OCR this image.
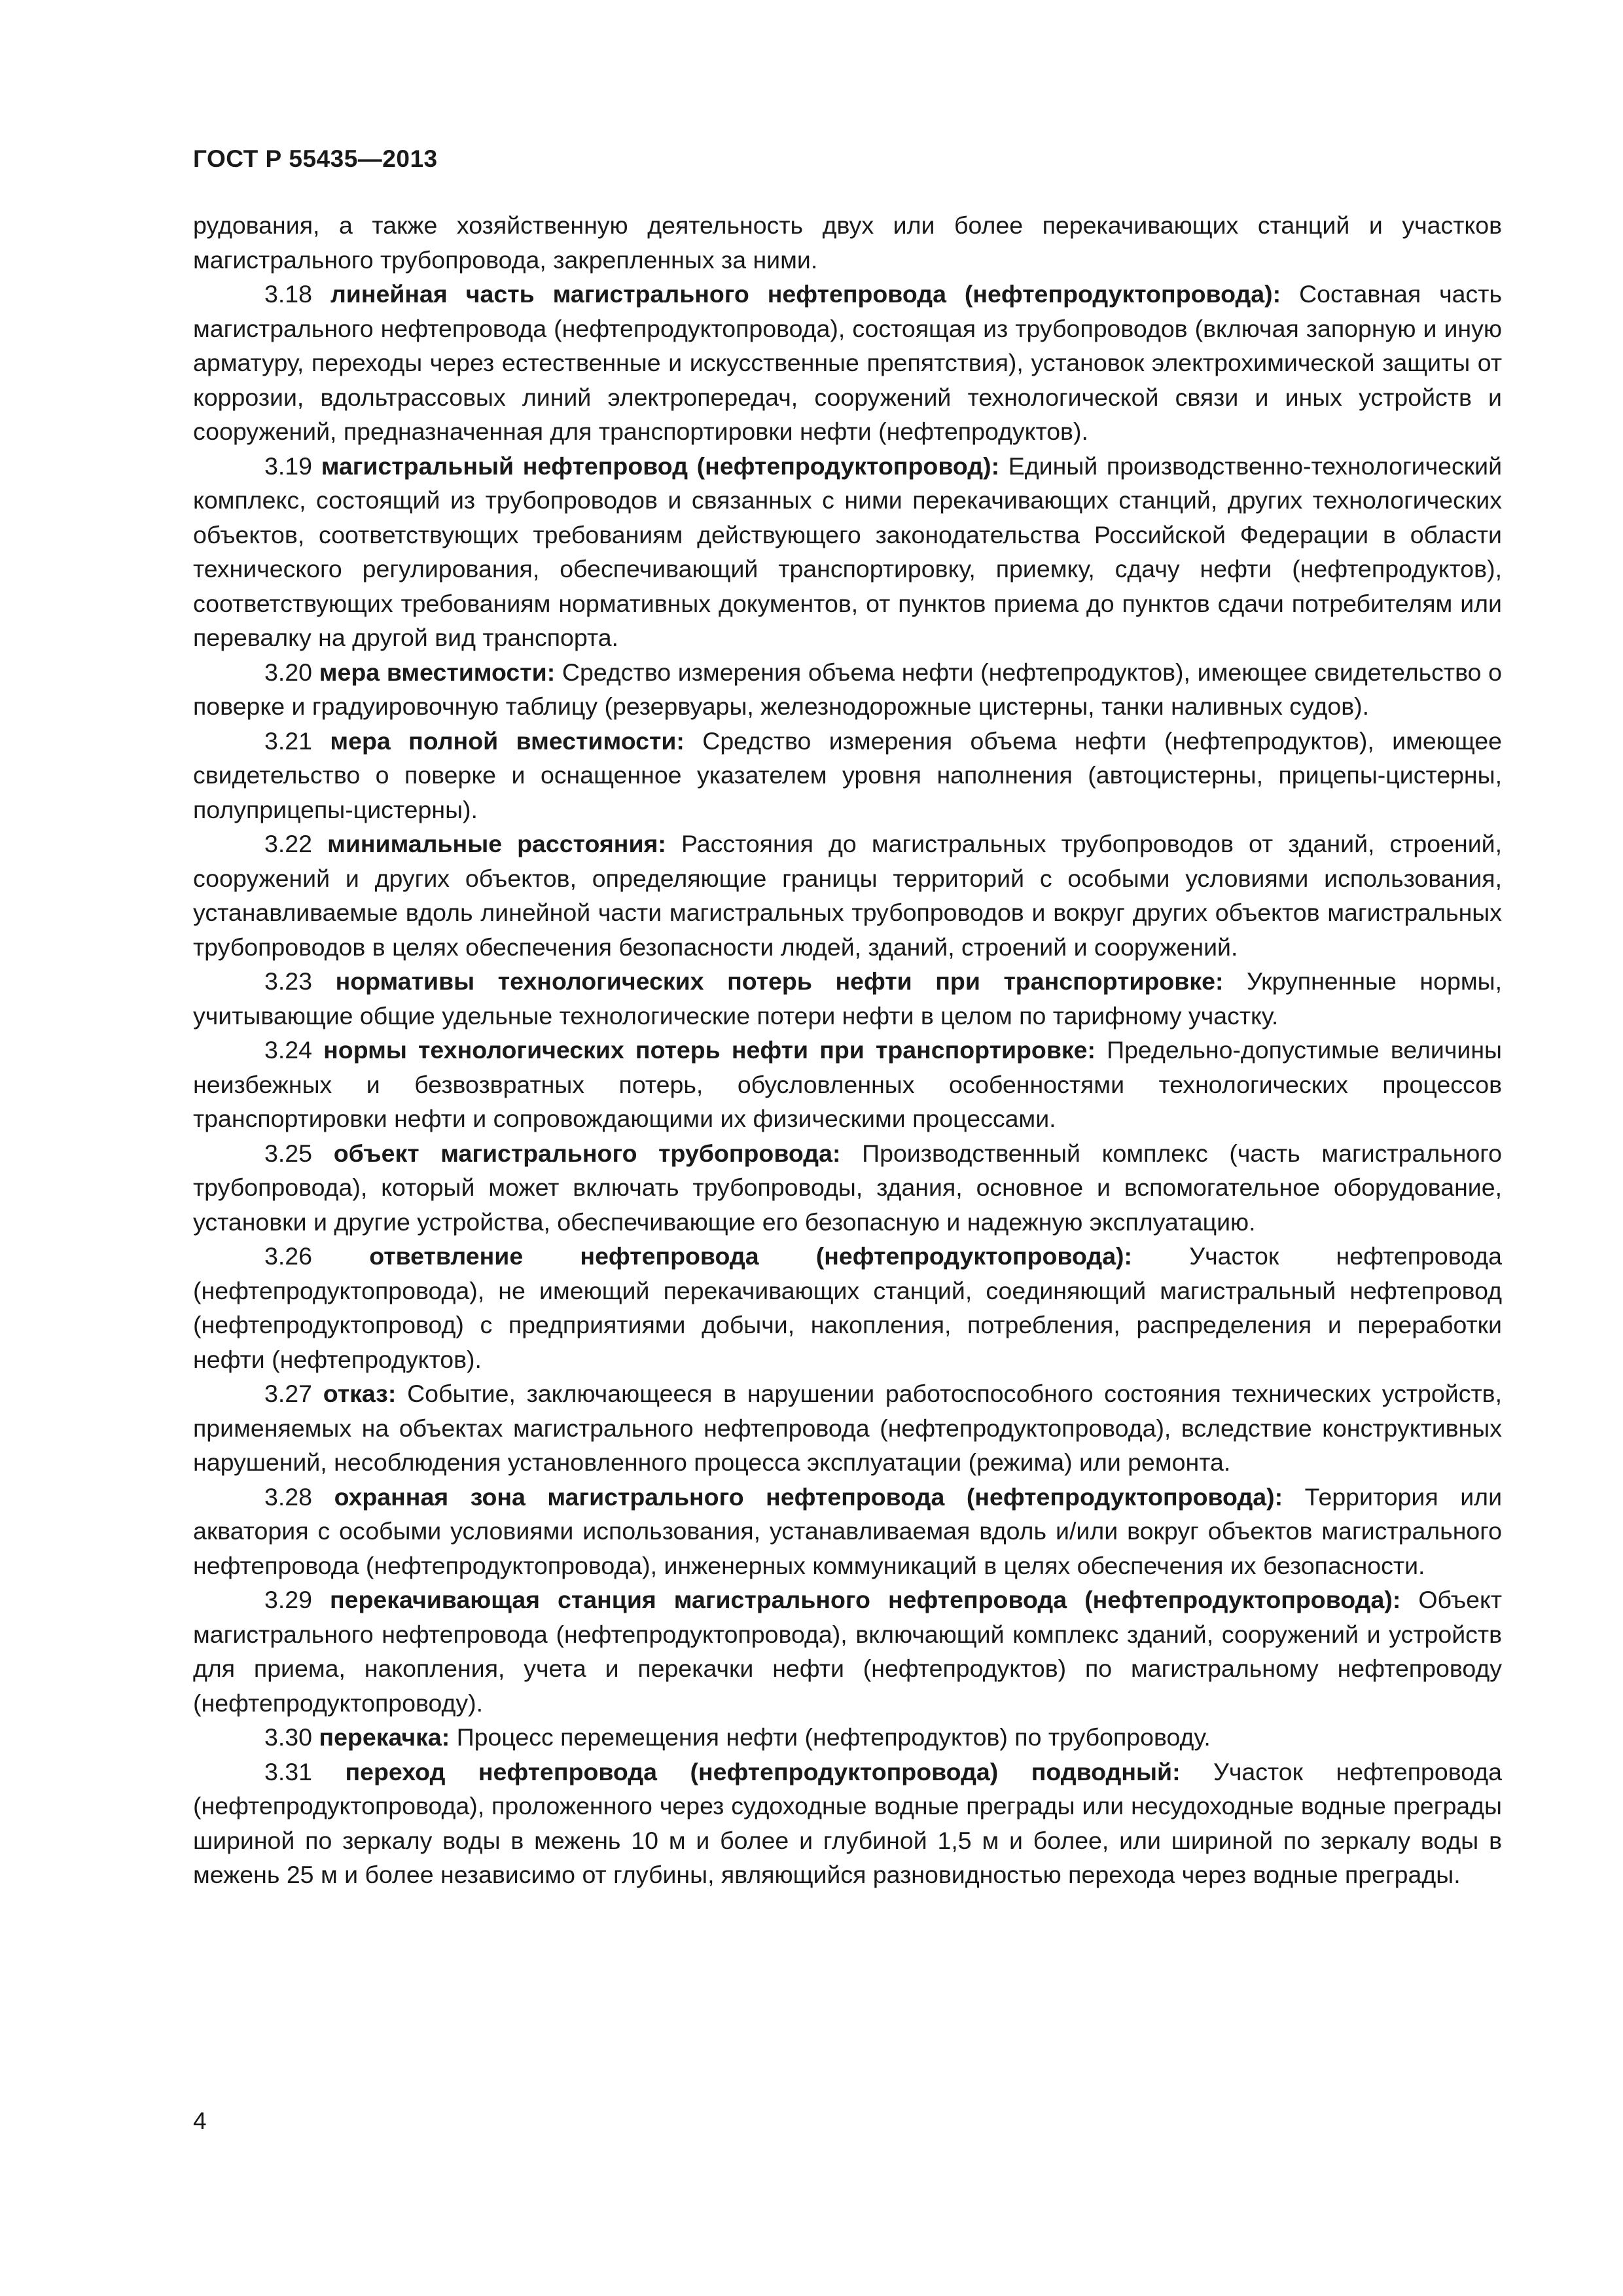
ГОСТ Р 55435—2013

рудования, а также хозяйственную деятельность двух или более перекачивающих станций и участков магистрального трубопровода, закрепленных за ними.

3.18 линейная часть магистрального нефтепровода (нефтепродуктопровода): Составная часть магистрального нефтепровода (нефтепродуктопровода), состоящая из трубопроводов (включая запорную и иную арматуру, переходы через естественные и искусственные препятствия), установок электрохимической защиты от коррозии, вдольтрассовых линий электропередач, сооружений технологической связи и иных устройств и сооружений, предназначенная для транспортировки нефти (нефтепродуктов).

3.19 магистральный нефтепровод (нефтепродуктопровод): Единый производственно-технологический комплекс, состоящий из трубопроводов и связанных с ними перекачивающих станций, других технологических объектов, соответствующих требованиям действующего законодательства Российской Федерации в области технического регулирования, обеспечивающий транспортировку, приемку, сдачу нефти (нефтепродуктов), соответствующих требованиям нормативных документов, от пунктов приема до пунктов сдачи потребителям или перевалку на другой вид транспорта.

3.20 мера вместимости: Средство измерения объема нефти (нефтепродуктов), имеющее свидетельство о поверке и градуировочную таблицу (резервуары, железнодорожные цистерны, танки наливных судов).

3.21 мера полной вместимости: Средство измерения объема нефти (нефтепродуктов), имеющее свидетельство о поверке и оснащенное указателем уровня наполнения (автоцистерны, прицепы-цистерны, полуприцепы-цистерны).

3.22 минимальные расстояния: Расстояния до магистральных трубопроводов от зданий, строений, сооружений и других объектов, определяющие границы территорий с особыми условиями использования, устанавливаемые вдоль линейной части магистральных трубопроводов и вокруг других объектов магистральных трубопроводов в целях обеспечения безопасности людей, зданий, строений и сооружений.

3.23 нормативы технологических потерь нефти при транспортировке: Укрупненные нормы, учитывающие общие удельные технологические потери нефти в целом по тарифному участку.

3.24 нормы технологических потерь нефти при транспортировке: Предельно-допустимые величины неизбежных и безвозвратных потерь, обусловленных особенностями технологических процессов транспортировки нефти и сопровождающими их физическими процессами.

3.25 объект магистрального трубопровода: Производственный комплекс (часть магистрального трубопровода), который может включать трубопроводы, здания, основное и вспомогательное оборудование, установки и другие устройства, обеспечивающие его безопасную и надежную эксплуатацию.

3.26 ответвление нефтепровода (нефтепродуктопровода): Участок нефтепровода (нефтепродуктопровода), не имеющий перекачивающих станций, соединяющий магистральный нефтепровод (нефтепродуктопровод) с предприятиями добычи, накопления, потребления, распределения и переработки нефти (нефтепродуктов).

3.27 отказ: Событие, заключающееся в нарушении работоспособного состояния технических устройств, применяемых на объектах магистрального нефтепровода (нефтепродуктопровода), вследствие конструктивных нарушений, несоблюдения установленного процесса эксплуатации (режима) или ремонта.

3.28 охранная зона магистрального нефтепровода (нефтепродуктопровода): Территория или акватория с особыми условиями использования, устанавливаемая вдоль и/или вокруг объектов магистрального нефтепровода (нефтепродуктопровода), инженерных коммуникаций в целях обеспечения их безопасности.

3.29 перекачивающая станция магистрального нефтепровода (нефтепродуктопровода): Объект магистрального нефтепровода (нефтепродуктопровода), включающий комплекс зданий, сооружений и устройств для приема, накопления, учета и перекачки нефти (нефтепродуктов) по магистральному нефтепроводу (нефтепродуктопроводу).

3.30 перекачка: Процесс перемещения нефти (нефтепродуктов) по трубопроводу.

3.31 переход нефтепровода (нефтепродуктопровода) подводный: Участок нефтепровода (нефтепродуктопровода), проложенного через судоходные водные преграды или несудоходные водные преграды шириной по зеркалу воды в межень 10 м и более и глубиной 1,5 м и более, или шириной по зеркалу воды в межень 25 м и более независимо от глубины, являющийся разновидностью перехода через водные преграды.

4
